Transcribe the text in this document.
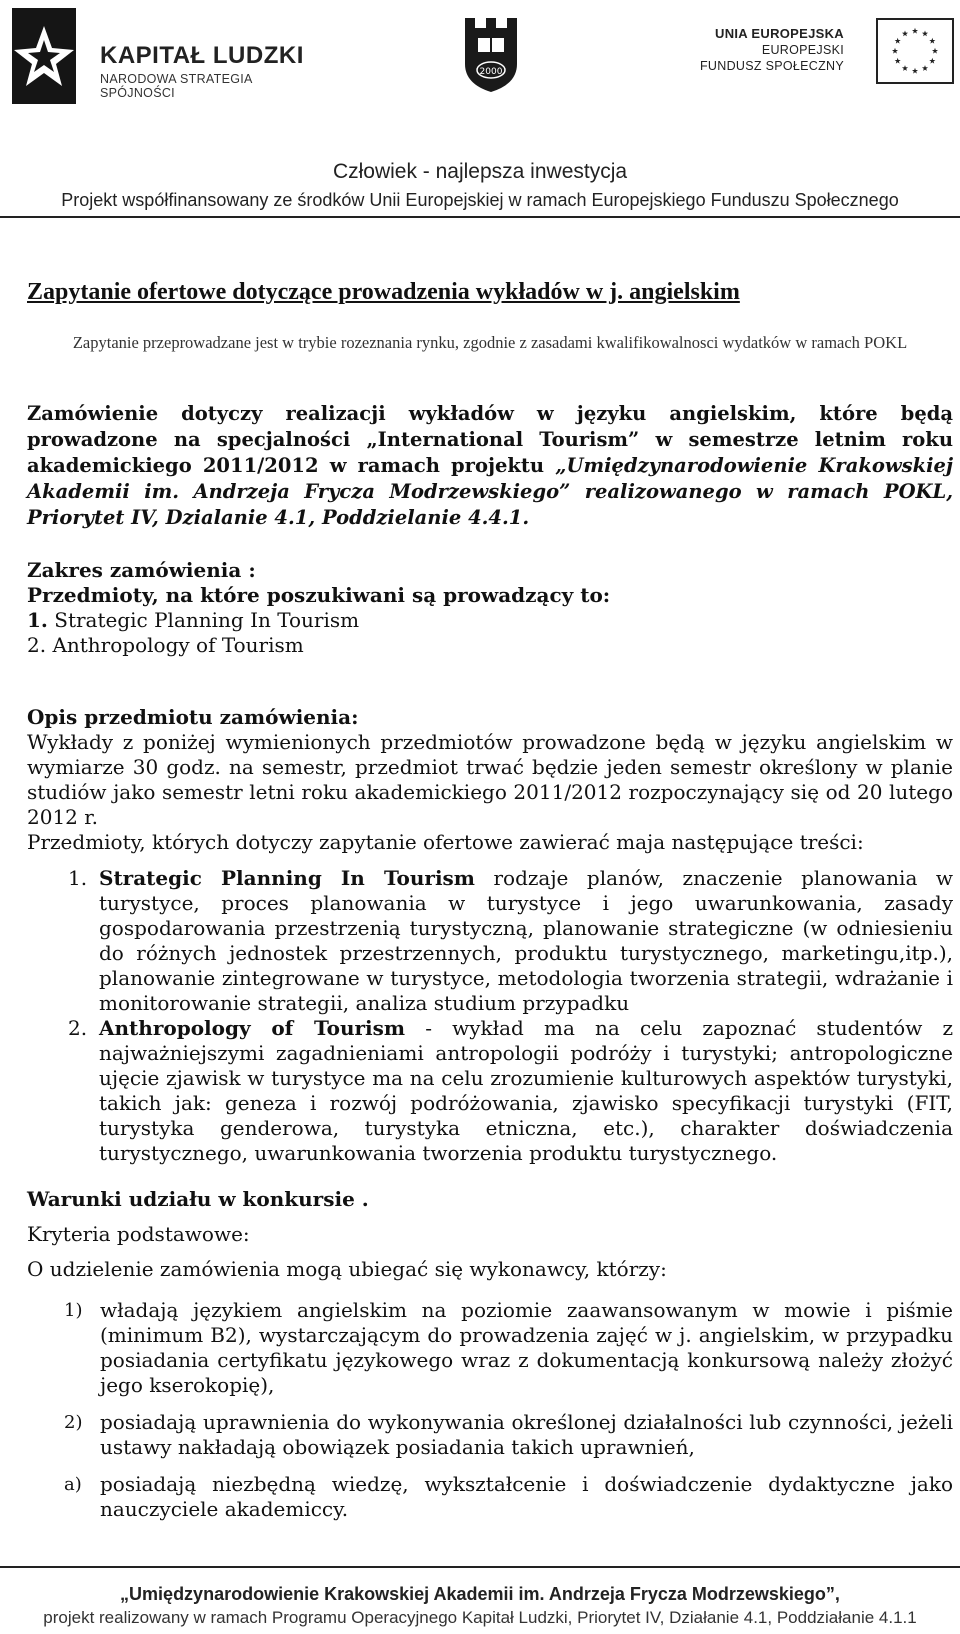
KAPITAŁ LUDZKI
NARODOWA STRATEGIA SPÓJNOŚCI
2000
UNIA EUROPEJSKA
EUROPEJSKI
FUNDUSZ SPOŁECZNY
Człowiek - najlepsza inwestycja
Projekt współfinansowany ze środków Unii Europejskiej w ramach Europejskiego Funduszu Społecznego
Zapytanie ofertowe dotyczące prowadzenia wykładów w j. angielskim
Zapytanie przeprowadzane jest w trybie rozeznania rynku, zgodnie z zasadami kwalifikowalnosci wydatków w ramach POKL
Zamówienie dotyczy realizacji wykładów w języku angielskim, które będą prowadzone na specjalności „International Tourism” w semestrze letnim roku akademickiego 2011/2012 w ramach projektu „Umiędzynarodowienie Krakowskiej Akademii im. Andrzeja Frycza Modrzewskiego” realizowanego w ramach POKL, Priorytet IV, Dzialanie 4.1, Poddzielanie 4.4.1.
Zakres zamówienia :
Przedmioty, na które poszukiwani są prowadzący to:
1. Strategic Planning In Tourism
2. Anthropology of Tourism
Opis przedmiotu zamówienia:
Wykłady z poniżej wymienionych przedmiotów prowadzone będą w języku angielskim w wymiarze 30 godz. na semestr, przedmiot trwać będzie jeden semestr określony w planie studiów jako semestr letni roku akademickiego 2011/2012 rozpoczynający się od 20 lutego 2012 r.
Przedmioty, których dotyczy zapytanie ofertowe zawierać maja następujące treści:
1. Strategic Planning In Tourism rodzaje planów, znaczenie planowania w turystyce, proces planowania w turystyce i jego uwarunkowania, zasady gospodarowania przestrzenią turystyczną, planowanie strategiczne (w odniesieniu do różnych jednostek przestrzennych, produktu turystycznego, marketingu,itp.), planowanie zintegrowane w turystyce, metodologia tworzenia strategii, wdrażanie i monitorowanie strategii, analiza studium przypadku
2. Anthropology of Tourism - wykład ma na celu zapoznać studentów z najważniejszymi zagadnieniami antropologii podróży i turystyki; antropologiczne ujęcie zjawisk w turystyce ma na celu zrozumienie kulturowych aspektów turystyki, takich jak: geneza i rozwój podróżowania, zjawisko specyfikacji turystyki (FIT, turystyka genderowa, turystyka etniczna, etc.), charakter doświadczenia turystycznego, uwarunkowania tworzenia produktu turystycznego.
Warunki udziału w konkursie .
Kryteria podstawowe:
O udzielenie zamówienia mogą ubiegać się wykonawcy, którzy:
1) władają językiem angielskim na poziomie zaawansowanym w mowie i piśmie (minimum B2), wystarczającym do prowadzenia zajęć w j. angielskim, w przypadku posiadania certyfikatu językowego wraz z dokumentacją konkursową należy złożyć jego kserokopię),
2) posiadają uprawnienia do wykonywania określonej działalności lub czynności, jeżeli ustawy nakładają obowiązek posiadania takich uprawnień,
a) posiadają niezbędną wiedzę, wykształcenie i doświadczenie dydaktyczne jako nauczyciele akademiccy.
„Umiędzynarodowienie Krakowskiej Akademii im. Andrzeja Frycza Modrzewskiego”,
projekt realizowany w ramach Programu Operacyjnego Kapitał Ludzki, Priorytet IV, Działanie 4.1, Poddziałanie 4.1.1
